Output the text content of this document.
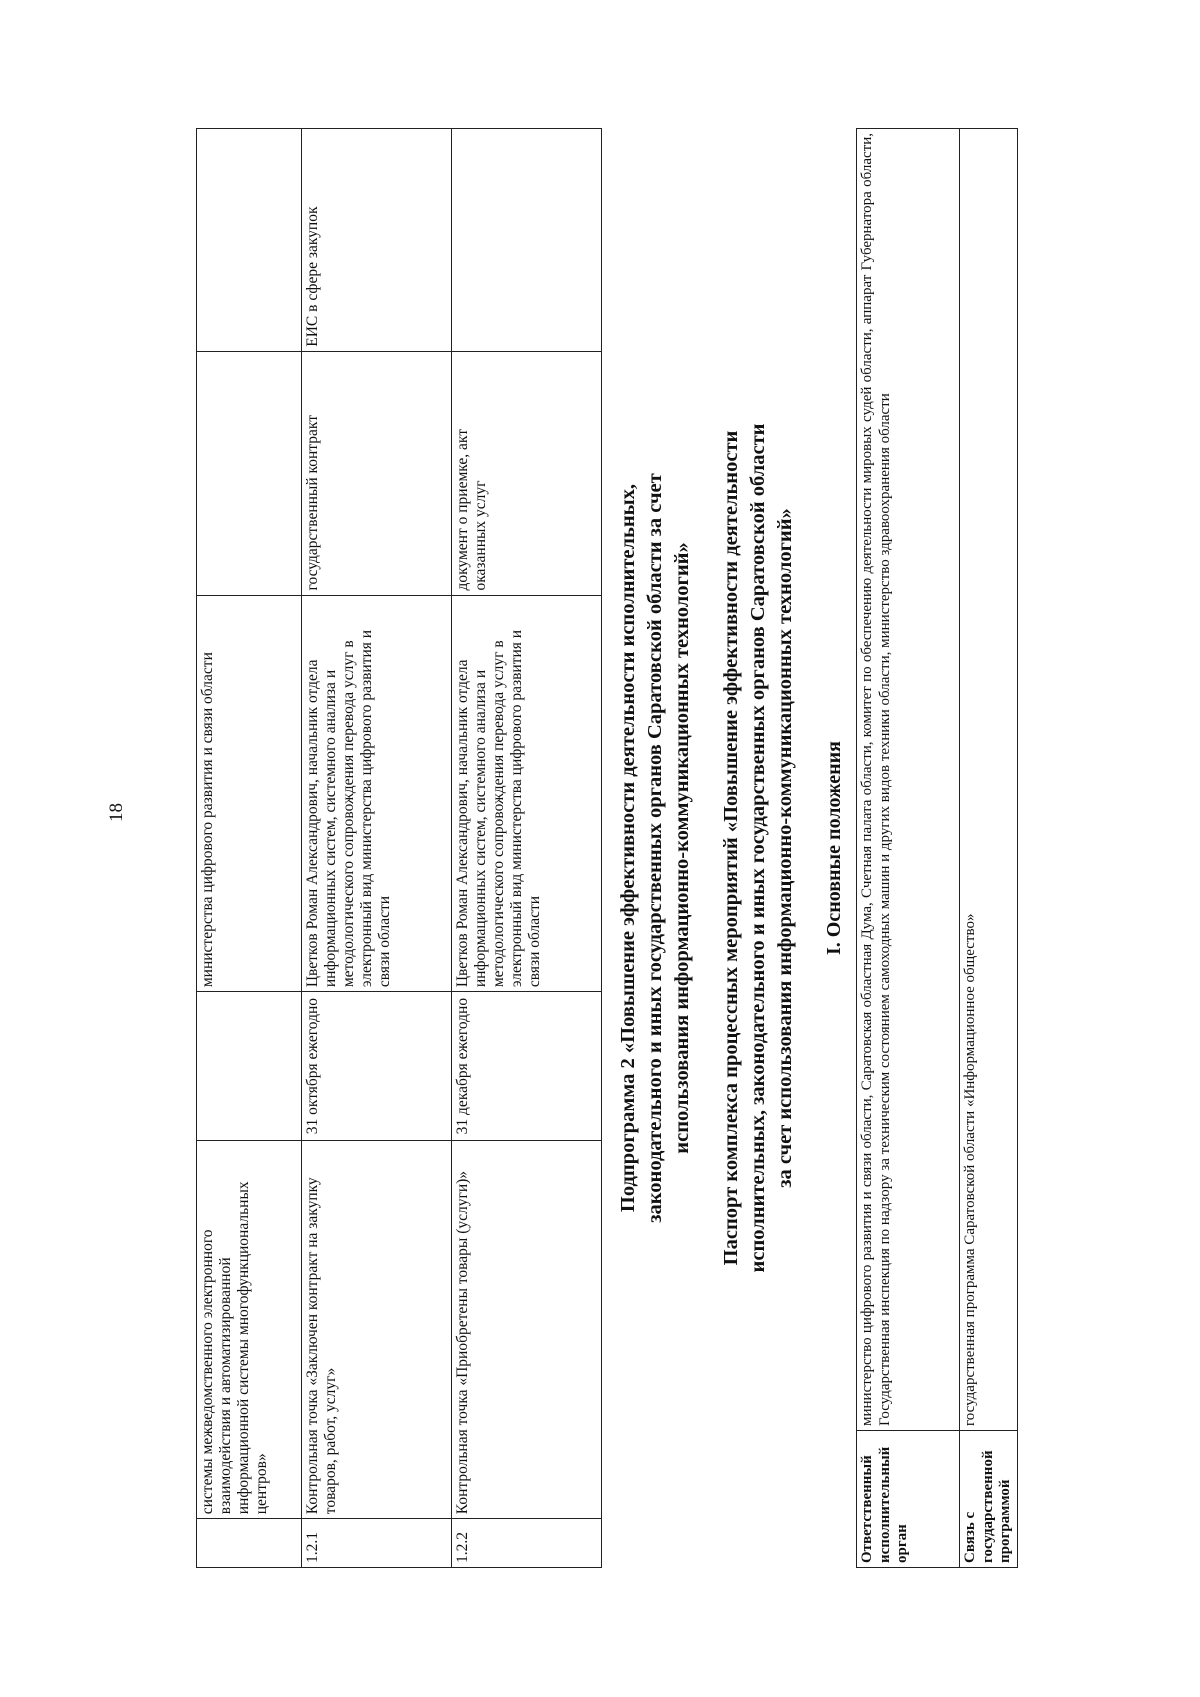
18
	системы межведомственного электронного взаимодействия и автоматизированной информационной системы многофункциональных центров»		министерства цифрового развития и связи области		
1.2.1	Контрольная точка «Заключен контракт на закупку товаров, работ, услуг»	31 октября ежегодно	Цветков Роман Александрович, начальник отдела информационных систем, системного анализа и методологического сопровождения перевода услуг в электронный вид министерства цифрового развития и связи области	государственный контракт	ЕИС в сфере закупок
1.2.2	Контрольная точка «Приобретены товары (услуги)»	31 декабря ежегодно	Цветков Роман Александрович, начальник отдела информационных систем, системного анализа и методологического сопровождения перевода услуг в электронный вид министерства цифрового развития и связи области	документ о приемке, акт оказанных услуг	
Подпрограмма 2 «Повышение эффективности деятельности исполнительных,
законодательного и иных государственных органов Саратовской области за счет
использования информационно-коммуникационных технологий»
Паспорт комплекса процессных мероприятий «Повышение эффективности деятельности
исполнительных, законодательного и иных государственных органов Саратовской области
за счет использования информационно-коммуникационных технологий»
I. Основные положения
Ответственный исполнительный орган	министерство цифрового развития и связи области, Саратовская областная Дума, Счетная палата области, комитет по обеспечению деятельности мировых судей области, аппарат Губернатора области, Государственная инспекция по надзору за техническим состоянием самоходных машин и других видов техники области, министерство здравоохранения области
Связь с государственной программой	государственная программа Саратовской области «Информационное общество»
